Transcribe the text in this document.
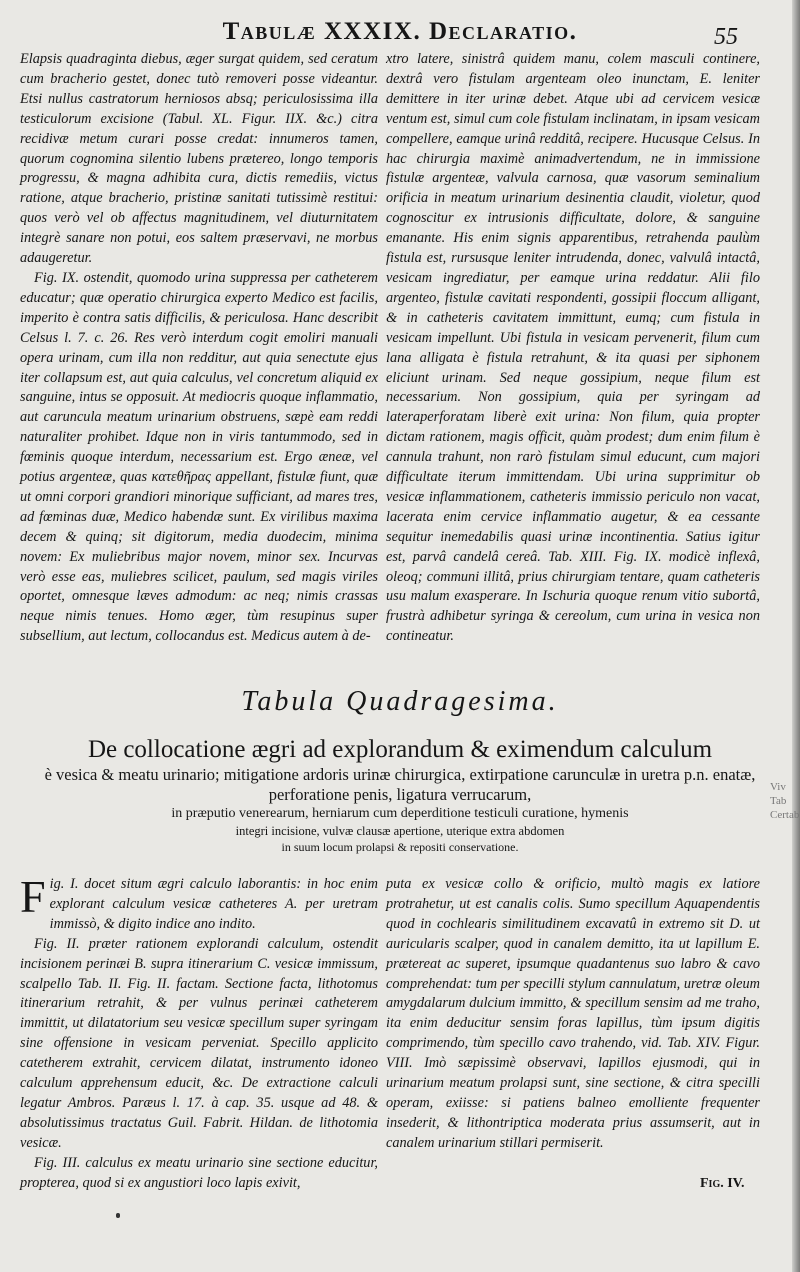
Tabulæ XXXIX. Declaratio.	55

Elapsis quadraginta diebus, æger surgat quidem, sed ceratum cum bracherio gestet, donec tutò removeri posse videantur. Etsi nullus castratorum herniosos absq; periculosissima illa testiculorum excisione (Tabul. XL. Figur. IIX. &c.) citra recidivæ metum curari posse credat: innumeros tamen, quorum cognomina silentio lubens prætereo, longo temporis progressu, & magna adhibita cura, dictis remediis, victus ratione, atque bracherio, pristinæ sanitati tutissimè restitui: quos verò vel ob affectus magnitudinem, vel diuturnitatem integrè sanare non potui, eos saltem præservavi, ne morbus adaugeretur.

Fig. IX. ostendit, quomodo urina suppressa per catheterem educatur; quæ operatio chirurgica experto Medico est facilis, imperito è contra satis difficilis, & periculosa. Hanc describit Celsus l. 7. c. 26. Res verò interdum cogit emoliri manuali opera urinam, cum illa non redditur, aut quia senectute ejus iter collapsum est, aut quia calculus, vel concretum aliquid ex sanguine, intus se opposuit. At mediocris quoque inflammatio, aut caruncula meatum urinarium obstruens, sæpè eam reddi naturaliter prohibet. Idque non in viris tantummodo, sed in fœminis quoque interdum, necessarium est. Ergo æneæ, vel potius argenteæ, quas κατεθῆρας appellant, fistulæ fiunt, quæ ut omni corpori grandiori minorique sufficiant, ad mares tres, ad fœminas duæ, Medico habendæ sunt. Ex virilibus maxima decem & quinq; sit digitorum, media duodecim, minima novem: Ex muliebribus major novem, minor sex. Incurvas verò esse eas, muliebres scilicet, paulum, sed magis viriles oportet, omnesque læves admodum: ac neq; nimis crassas neque nimis tenues. Homo æger, tùm resupinus super subsellium, aut lectum, collocandus est. Medicus autem à de-

xtro latere, sinistrâ quidem manu, colem masculi continere, dextrâ vero fistulam argenteam oleo inunctam, E. leniter demittere in iter urinæ debet. Atque ubi ad cervicem vesicæ ventum est, simul cum cole fistulam inclinatam, in ipsam vesicam compellere, eamque urinâ redditâ, recipere. Hucusque Celsus. In hac chirurgia maximè animadvertendum, ne in immissione fistulæ argenteæ, valvula carnosa, quæ vasorum seminalium orificia in meatum urinarium desinentia claudit, violetur, quod cognoscitur ex intrusionis difficultate, dolore, & sanguine emanante. His enim signis apparentibus, retrahenda paulùm fistula est, rursusque leniter intrudenda, donec, valvulâ intactâ, vesicam ingrediatur, per eamque urina reddatur. Alii filo argenteo, fistulæ cavitati respondenti, gossipii floccum alligant, & in catheteris cavitatem immittunt, eumq; cum fistula in vesicam impellunt. Ubi fistula in vesicam pervenerit, filum cum lana alligata è fistula retrahunt, & ita quasi per siphonem eliciunt urinam. Sed neque gossipium, neque filum est necessarium. Non gossipium, quia per syringam ad lateraperforatam liberè exit urina: Non filum, quia propter dictam rationem, magis officit, quàm prodest; dum enim filum è cannula trahunt, non rarò fistulam simul educunt, cum majori difficultate iterum immittendam. Ubi urina supprimitur ob vesicæ inflammationem, catheteris immissio periculo non vacat, lacerata enim cervice inflammatio augetur, & ea cessante sequitur inemedabilis quasi urinæ incontinentia. Satius igitur est, parvâ candelâ cereâ. Tab. XIII. Fig. IX. modicè inflexâ, oleoq; communi illitâ, prius chirurgiam tentare, quam catheteris usu malum exasperare. In Ischuria quoque renum vitio subortâ, frustrà adhibetur syringa & cereolum, cum urina in vesica non contineatur.

Tabula Quadragesima.
De collocatione ægri ad explorandum & eximendum calculum
è vesica & meatu urinario; mitigatione ardoris urinæ chirurgica, extirpatione carunculæ in uretra p.n. enatæ, perforatione penis, ligatura verrucarum,
in præputio venerearum, herniarum cum deperditione testiculi curatione, hymenis
integri incisione, vulvæ clausæ apertione, uterique extra abdomen
in suum locum prolapsi & repositi conservatione.

Fig. I. docet situm ægri calculo laborantis: in hoc enim explorant calculum vesicæ catheteres A. per uretram immissò, & digito indice ano indito.

Fig. II. præter rationem explorandi calculum, ostendit incisionem perinæi B. supra itinerarium C. vesicæ immissum, scalpello Tab. II. Fig. II. factam. Sectione facta, lithotomus itinerarium retrahit, & per vulnus perinæi catheterem immittit, ut dilatatorium seu vesicæ specillum super syringam sine offensione in vesicam perveniat. Specillo applicito catetherem extrahit, cervicem dilatat, instrumento idoneo calculum apprehensum educit, &c. De extractione calculi legatur Ambros. Paræus l. 17. à cap. 35. usque ad 48. & absolutissimus tractatus Guil. Fabrit. Hildan. de lithotomia vesicæ.

Fig. III. calculus ex meatu urinario sine sectione educitur, propterea, quod si ex angustiori loco lapis exivit,

puta ex vesicæ collo & orificio, multò magis ex latiore protrahetur, ut est canalis colis. Sumo specillum Aquapendentis quod in cochlearis similitudinem excavatû in extremo sit D. ut auricularis scalper, quod in canalem demitto, ita ut lapillum E. prætereat ac superet, ipsumque quadantenus suo labro & cavo comprehendat: tum per specilli stylum cannulatum, uretræ oleum amygdalarum dulcium immitto, & specillum sensim ad me traho, ita enim deducitur sensim foras lapillus, tùm ipsum digitis comprimendo, tùm specillo cavo trahendo, vid. Tab. XIV. Figur. VIII. Imò sæpissimè observavi, lapillos ejusmodi, qui in urinarium meatum prolapsi sunt, sine sectione, & citra specilli operam, exiisse: si patiens balneo emolliente frequenter insederit, & lithontriptica moderata prius assumserit, aut in canalem urinarium stillari permiserit.

Fig. IV.
Viv
Tab
Certab
